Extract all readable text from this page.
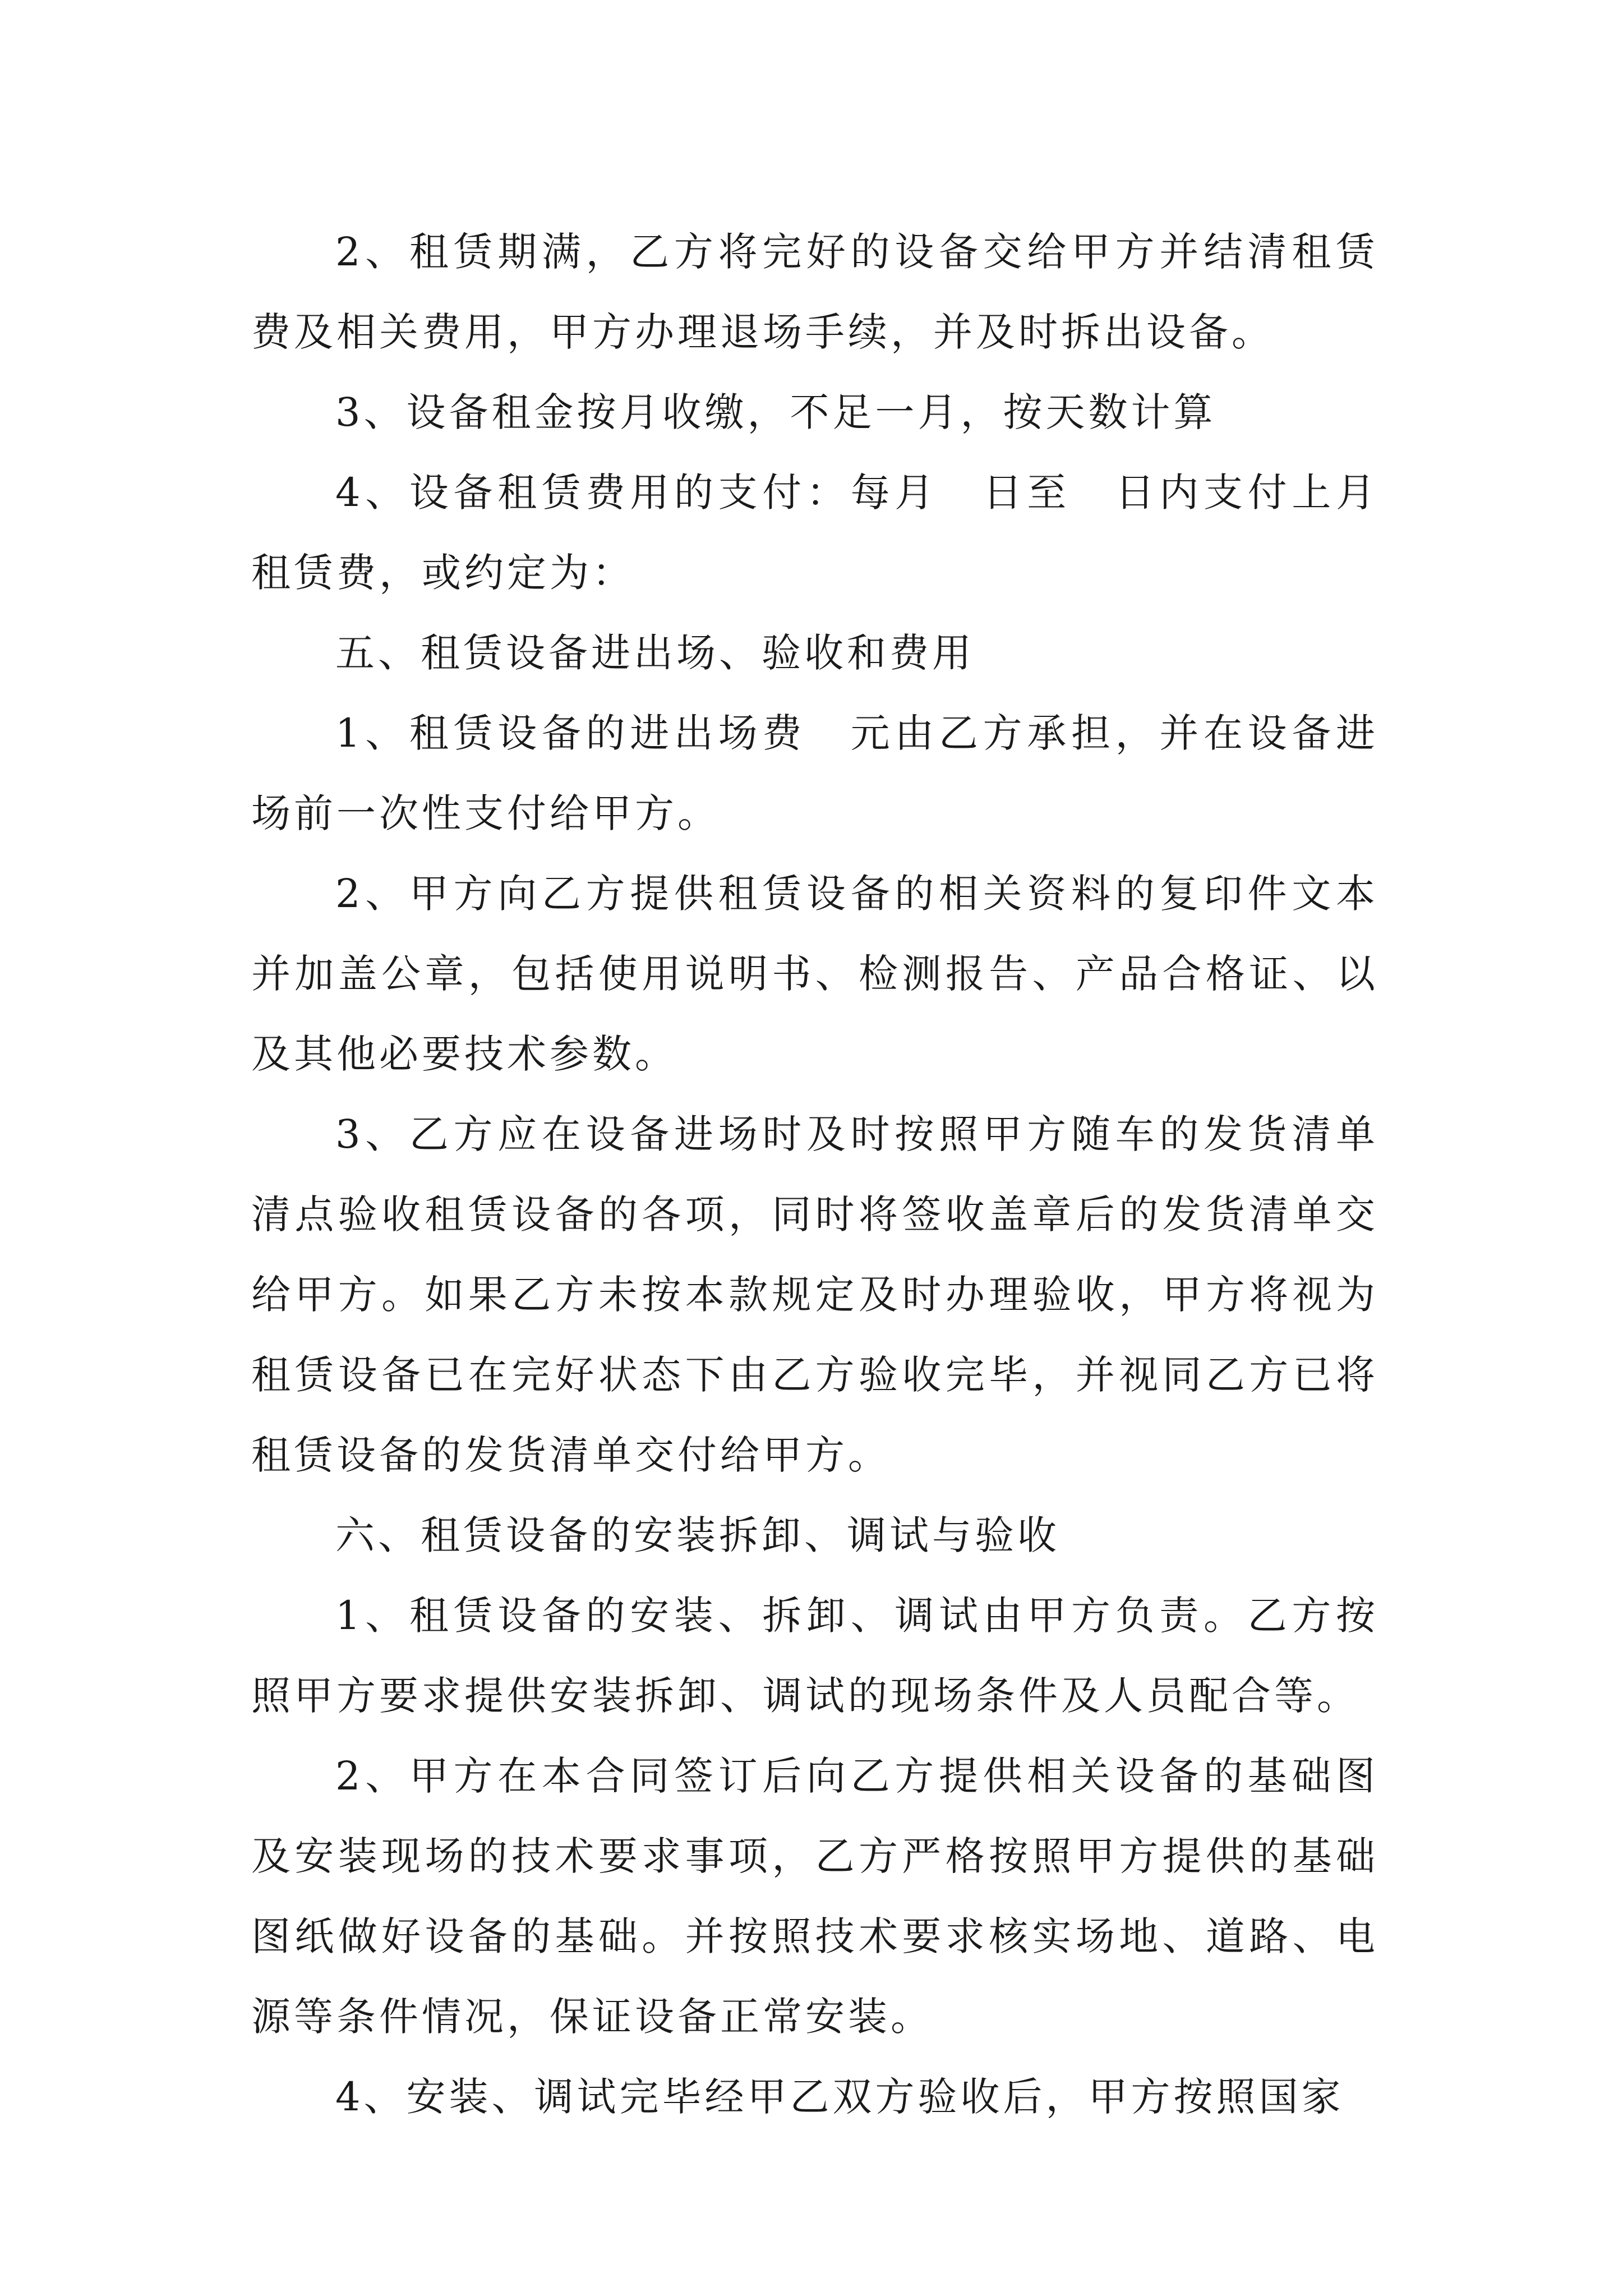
2、租赁期满，乙方将完好的设备交给甲方并结清租赁费及相关费用，甲方办理退场手续，并及时拆出设备。

3、设备租金按月收缴，不足一月，按天数计算

4、设备租赁费用的支付：每月　日至　日内支付上月租赁费，或约定为：

五、租赁设备进出场、验收和费用

1、租赁设备的进出场费　元由乙方承担，并在设备进场前一次性支付给甲方。

2、甲方向乙方提供租赁设备的相关资料的复印件文本并加盖公章，包括使用说明书、检测报告、产品合格证、以及其他必要技术参数。

3、乙方应在设备进场时及时按照甲方随车的发货清单清点验收租赁设备的各项，同时将签收盖章后的发货清单交给甲方。如果乙方未按本款规定及时办理验收，甲方将视为租赁设备已在完好状态下由乙方验收完毕，并视同乙方已将租赁设备的发货清单交付给甲方。

六、租赁设备的安装拆卸、调试与验收

1、租赁设备的安装、拆卸、调试由甲方负责。乙方按照甲方要求提供安装拆卸、调试的现场条件及人员配合等。

2、甲方在本合同签订后向乙方提供相关设备的基础图及安装现场的技术要求事项，乙方严格按照甲方提供的基础图纸做好设备的基础。并按照技术要求核实场地、道路、电源等条件情况，保证设备正常安装。

4、安装、调试完毕经甲乙双方验收后，甲方按照国家
